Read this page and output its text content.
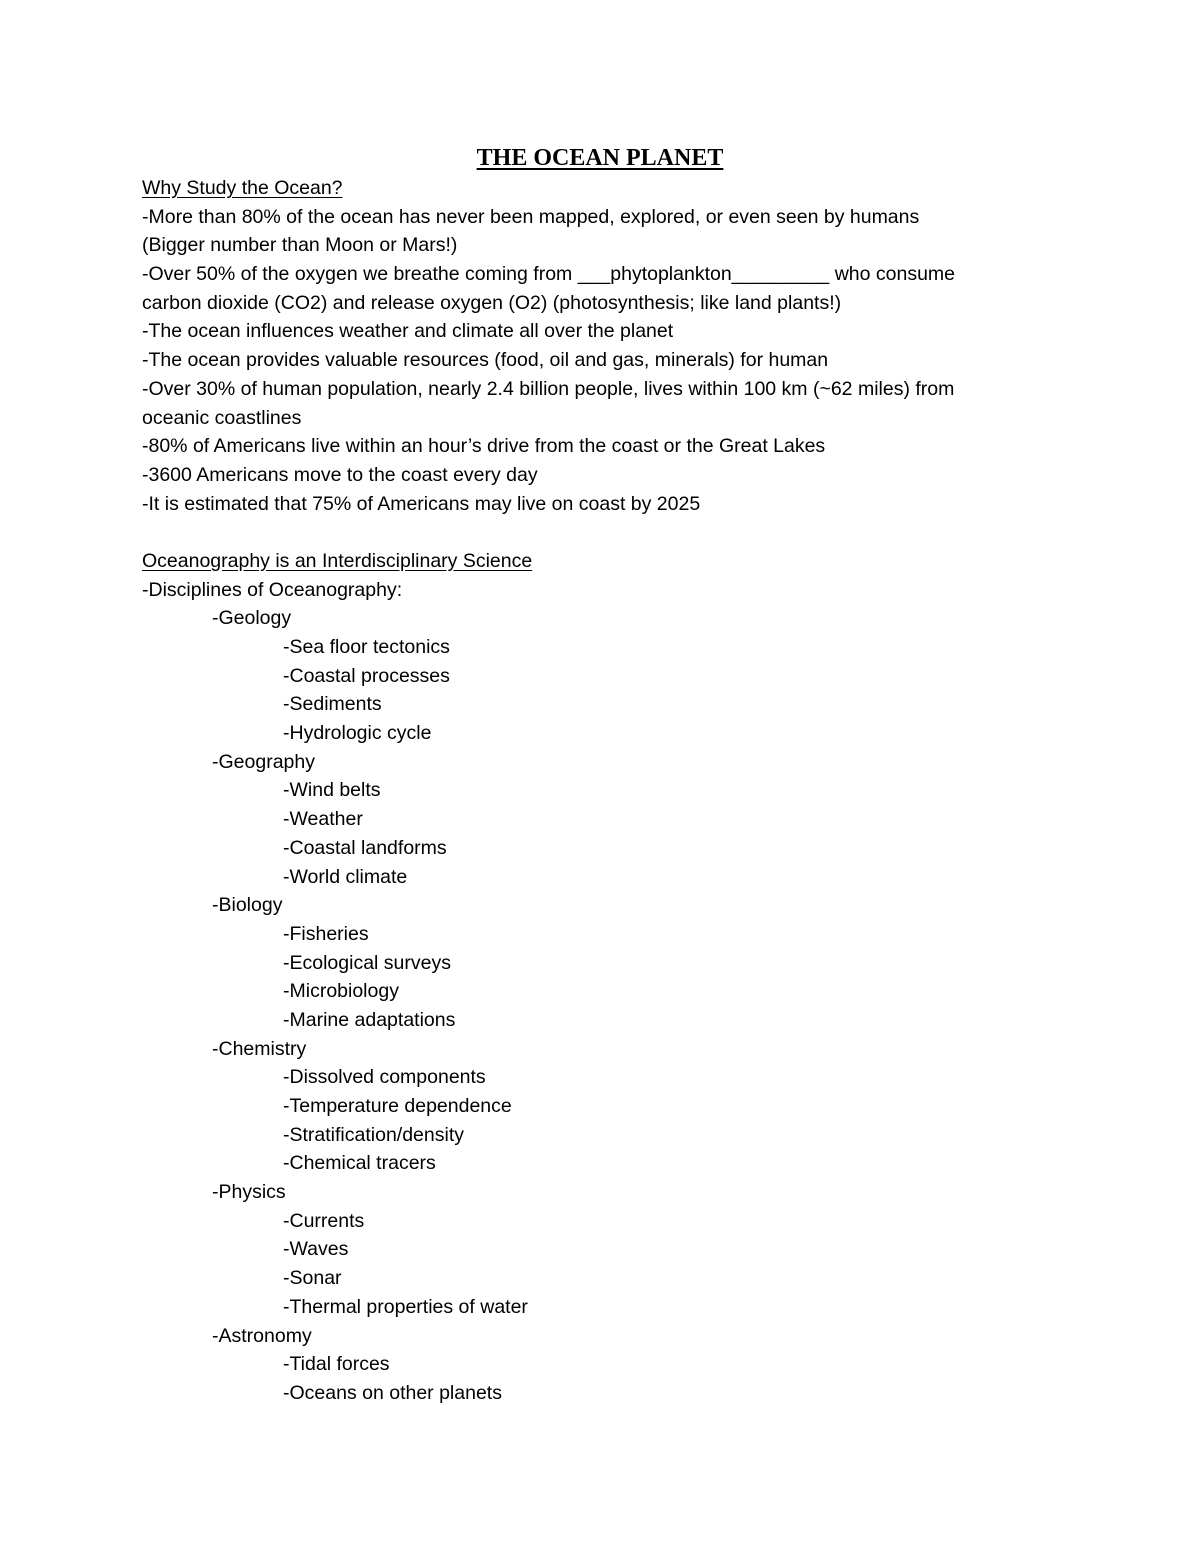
THE OCEAN PLANET
Why Study the Ocean?
-More than 80% of the ocean has never been mapped, explored, or even seen by humans
(Bigger number than Moon or Mars!)
-Over 50% of the oxygen we breathe coming from ___phytoplankton_________ who consume
carbon dioxide (CO2) and release oxygen (O2) (photosynthesis; like land plants!)
-The ocean influences weather and climate all over the planet
-The ocean provides valuable resources (food, oil and gas, minerals) for human
-Over 30% of human population, nearly 2.4 billion people, lives within 100 km (~62 miles) from
oceanic coastlines
-80% of Americans live within an hour’s drive from the coast or the Great Lakes
-3600 Americans move to the coast every day
-It is estimated that 75% of Americans may live on coast by 2025
Oceanography is an Interdisciplinary Science
-Disciplines of Oceanography:
-Geology
-Sea floor tectonics
-Coastal processes
-Sediments
-Hydrologic cycle
-Geography
-Wind belts
-Weather
-Coastal landforms
-World climate
-Biology
-Fisheries
-Ecological surveys
-Microbiology
-Marine adaptations
-Chemistry
-Dissolved components
-Temperature dependence
-Stratification/density
-Chemical tracers
-Physics
-Currents
-Waves
-Sonar
-Thermal properties of water
-Astronomy
-Tidal forces
-Oceans on other planets
